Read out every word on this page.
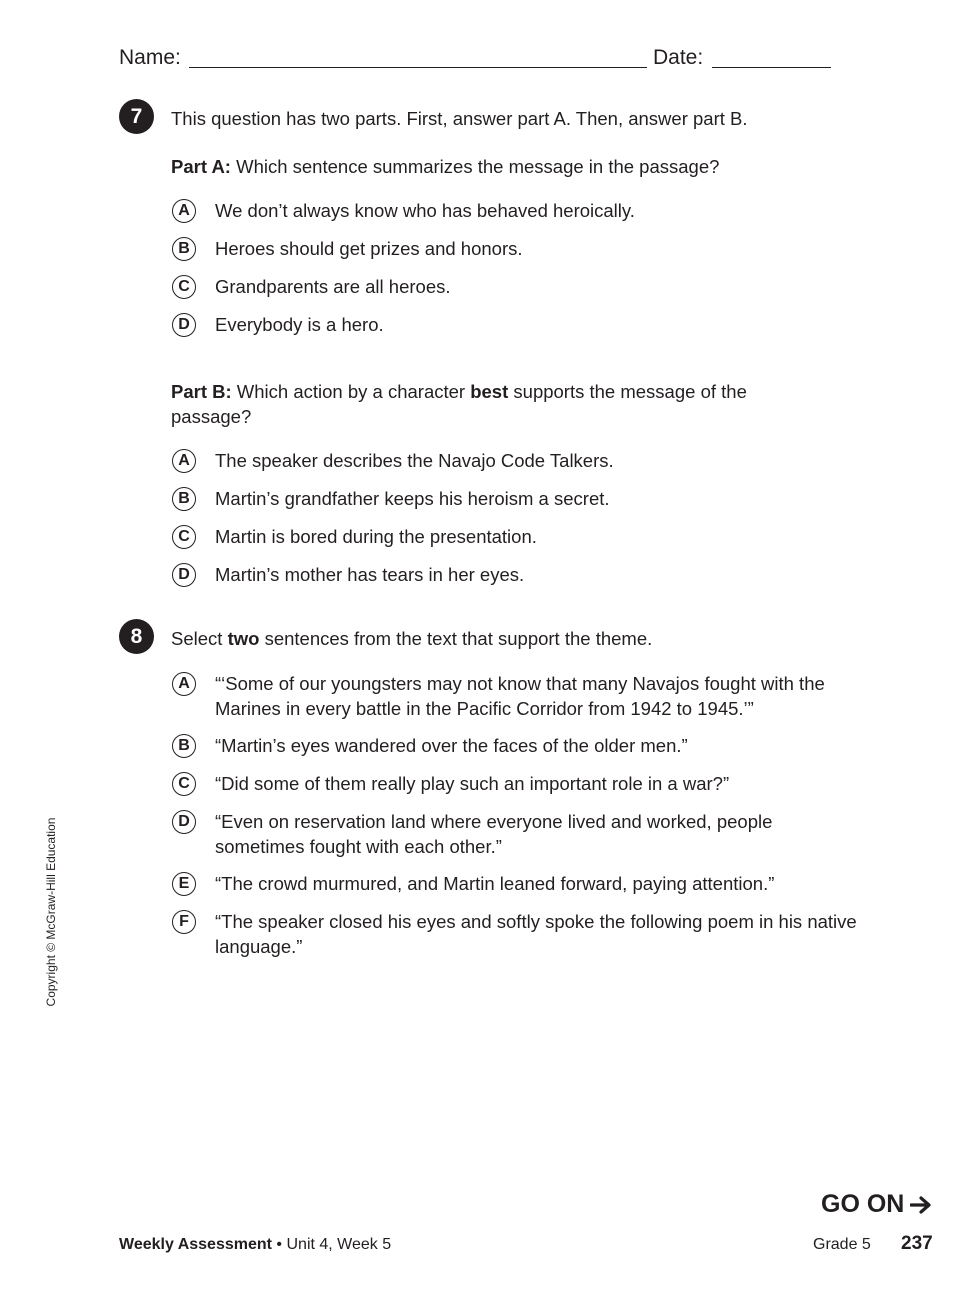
Name:	Date:
7	This question has two parts. First, answer part A. Then, answer part B.
Part A: Which sentence summarizes the message in the passage?
A	We don’t always know who has behaved heroically.
B	Heroes should get prizes and honors.
C	Grandparents are all heroes.
D	Everybody is a hero.
Part B: Which action by a character best supports the message of the passage?
A	The speaker describes the Navajo Code Talkers.
B	Martin’s grandfather keeps his heroism a secret.
C	Martin is bored during the presentation.
D	Martin’s mother has tears in her eyes.
8	Select two sentences from the text that support the theme.
A	“‘Some of our youngsters may not know that many Navajos fought with the Marines in every battle in the Pacific Corridor from 1942 to 1945.’”
B	“Martin’s eyes wandered over the faces of the older men.”
C	“Did some of them really play such an important role in a war?”
D	“Even on reservation land where everyone lived and worked, people sometimes fought with each other.”
E	“The crowd murmured, and Martin leaned forward, paying attention.”
F	“The speaker closed his eyes and softly spoke the following poem in his native language.”
Copyright © McGraw-Hill Education
GO ON
Weekly Assessment • Unit 4, Week 5	Grade 5 237
